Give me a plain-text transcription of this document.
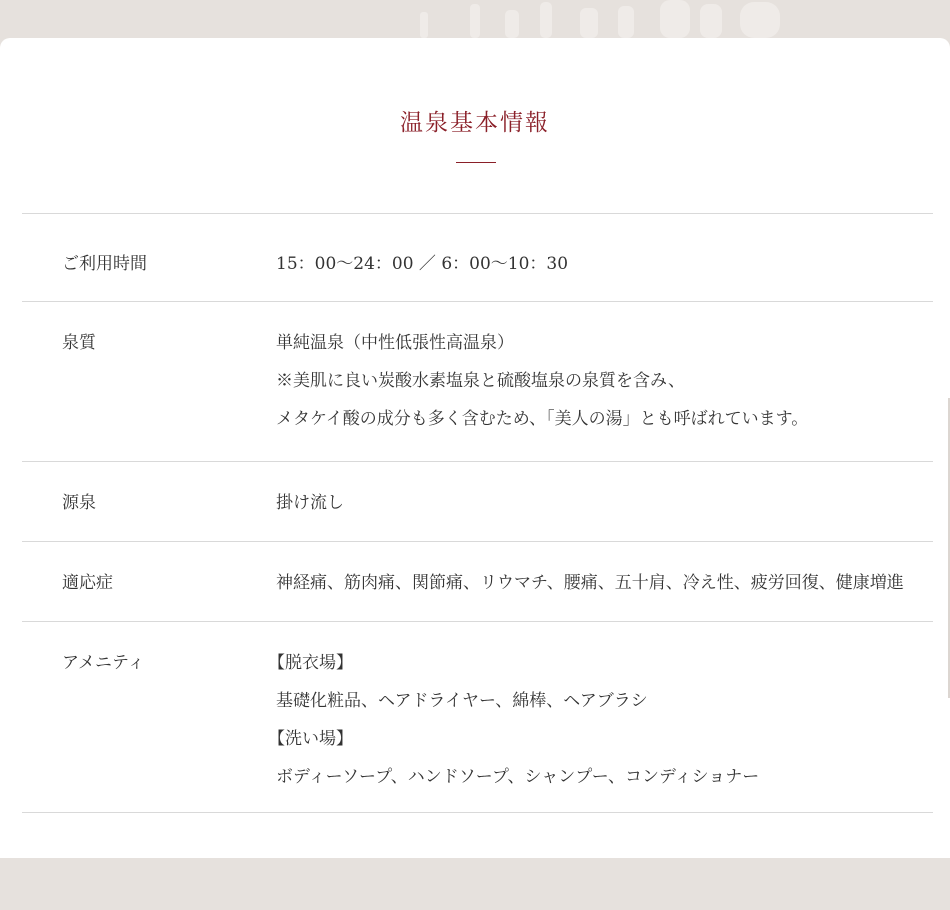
温泉基本情報
ご利用時間	15：00〜24：00 ／ 6：00〜10：30
泉質	単純温泉（中性低張性高温泉）
※美肌に良い炭酸水素塩泉と硫酸塩泉の泉質を含み、
メタケイ酸の成分も多く含むため、「美人の湯」とも呼ばれています。
源泉	掛け流し
適応症	神経痛、筋肉痛、関節痛、リウマチ、腰痛、五十肩、冷え性、疲労回復、健康増進
アメニティ	【脱衣場】
基礎化粧品、ヘアドライヤー、綿棒、ヘアブラシ
【洗い場】
ボディーソープ、ハンドソープ、シャンプー、コンディショナー
